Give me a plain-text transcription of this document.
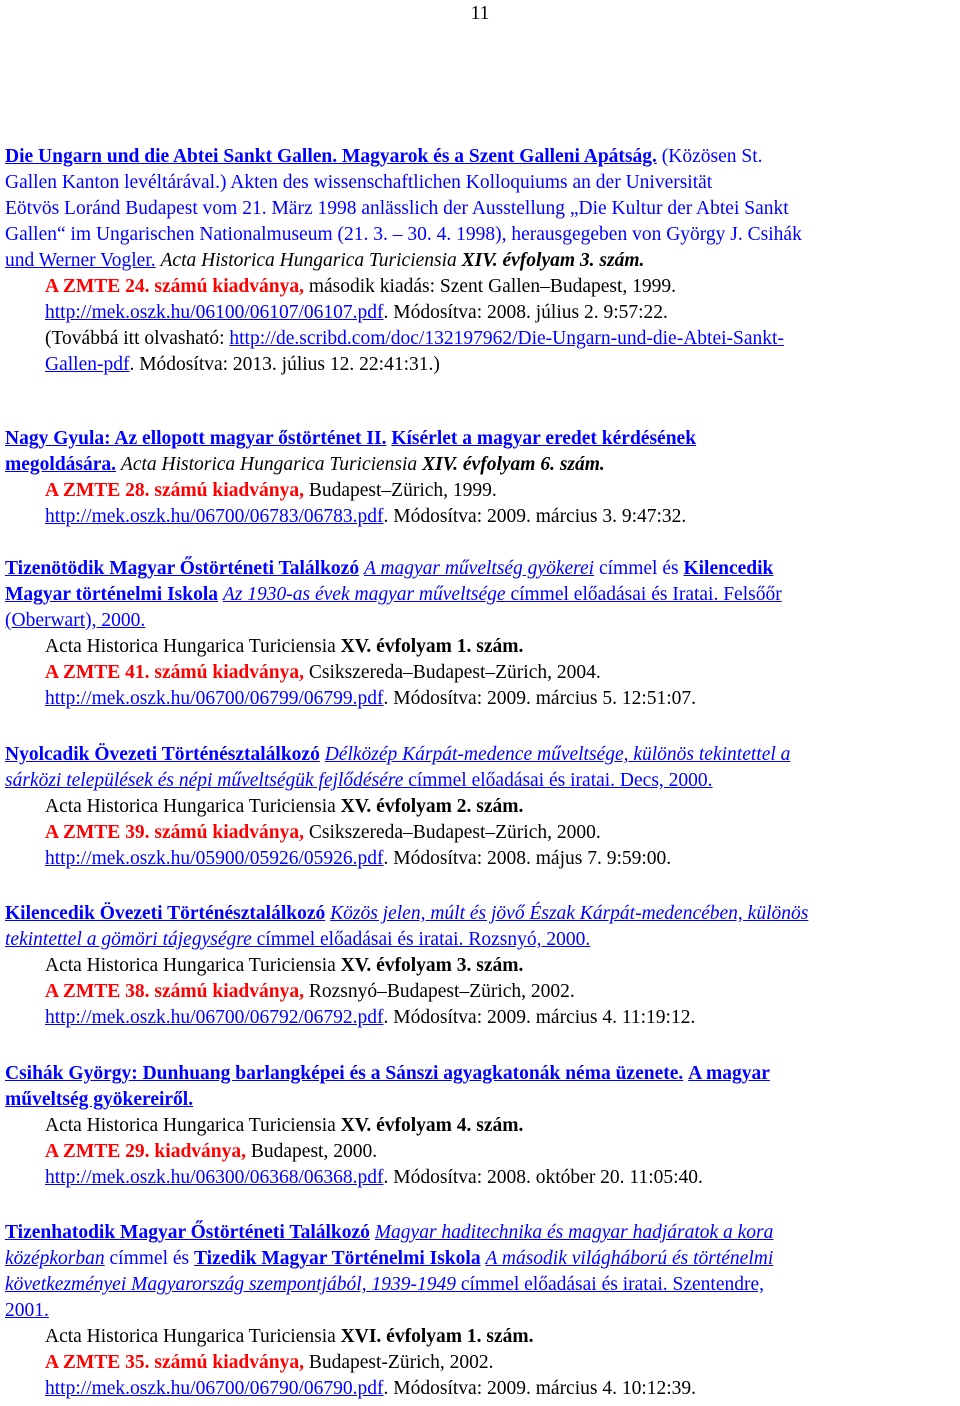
11
Die Ungarn und die Abtei Sankt Gallen. Magyarok és a Szent Galleni Apátság. (Közösen St.
Gallen Kanton levéltárával.) Akten des wissenschaftlichen Kolloquiums an der Universität
Eötvös Loránd Budapest vom 21. März 1998 anlässlich der Ausstellung „Die Kultur der Abtei Sankt
Gallen“ im Ungarischen Nationalmuseum (21. 3. – 30. 4. 1998), herausgegeben von György J. Csihák
und Werner Vogler. Acta Historica Hungarica Turiciensia XIV. évfolyam 3. szám.
A ZMTE 24. számú kiadványa, második kiadás: Szent Gallen–Budapest, 1999.
http://mek.oszk.hu/06100/06107/06107.pdf. Módosítva: 2008. július 2. 9:57:22.
(Továbbá itt olvasható: http://de.scribd.com/doc/132197962/Die-Ungarn-und-die-Abtei-Sankt-
Gallen-pdf. Módosítva: 2013. július 12. 22:41:31.)
Nagy Gyula: Az ellopott magyar őstörténet II. Kísérlet a magyar eredet kérdésének
megoldására. Acta Historica Hungarica Turiciensia XIV. évfolyam 6. szám.
A ZMTE 28. számú kiadványa, Budapest–Zürich, 1999.
http://mek.oszk.hu/06700/06783/06783.pdf. Módosítva: 2009. március 3. 9:47:32.
Tizenötödik Magyar Őstörténeti Találkozó A magyar műveltség gyökerei címmel és Kilencedik
Magyar történelmi Iskola Az 1930-as évek magyar műveltsége címmel előadásai és Iratai. Felsőőr
(Oberwart), 2000.
Acta Historica Hungarica Turiciensia XV. évfolyam 1. szám.
A ZMTE 41. számú kiadványa, Csikszereda–Budapest–Zürich, 2004.
http://mek.oszk.hu/06700/06799/06799.pdf. Módosítva: 2009. március 5. 12:51:07.
Nyolcadik Övezeti Történésztalálkozó Délközép Kárpát-medence műveltsége, különös tekintettel a
sárközi települések és népi műveltségük fejlődésére címmel előadásai és iratai. Decs, 2000.
Acta Historica Hungarica Turiciensia XV. évfolyam 2. szám.
A ZMTE 39. számú kiadványa, Csikszereda–Budapest–Zürich, 2000.
http://mek.oszk.hu/05900/05926/05926.pdf. Módosítva: 2008. május 7. 9:59:00.
Kilencedik Övezeti Történésztalálkozó Közös jelen, múlt és jövő Észak Kárpát-medencében, különös
tekintettel a gömöri tájegységre címmel előadásai és iratai. Rozsnyó, 2000.
Acta Historica Hungarica Turiciensia XV. évfolyam 3. szám.
A ZMTE 38. számú kiadványa, Rozsnyó–Budapest–Zürich, 2002.
http://mek.oszk.hu/06700/06792/06792.pdf. Módosítva: 2009. március 4. 11:19:12.
Csihák György: Dunhuang barlangképei és a Sánszi agyagkatonák néma üzenete. A magyar
műveltség gyökereiről.
Acta Historica Hungarica Turiciensia XV. évfolyam 4. szám.
A ZMTE 29. kiadványa, Budapest, 2000.
http://mek.oszk.hu/06300/06368/06368.pdf. Módosítva: 2008. október 20. 11:05:40.
Tizenhatodik Magyar Őstörténeti Találkozó Magyar haditechnika és magyar hadjáratok a kora
középkorban címmel és Tizedik Magyar Történelmi Iskola A második világháború és történelmi
következményei Magyarország szempontjából, 1939-1949 címmel előadásai és iratai. Szentendre,
2001.
Acta Historica Hungarica Turiciensia XVI. évfolyam 1. szám.
A ZMTE 35. számú kiadványa, Budapest-Zürich, 2002.
http://mek.oszk.hu/06700/06790/06790.pdf. Módosítva: 2009. március 4. 10:12:39.
